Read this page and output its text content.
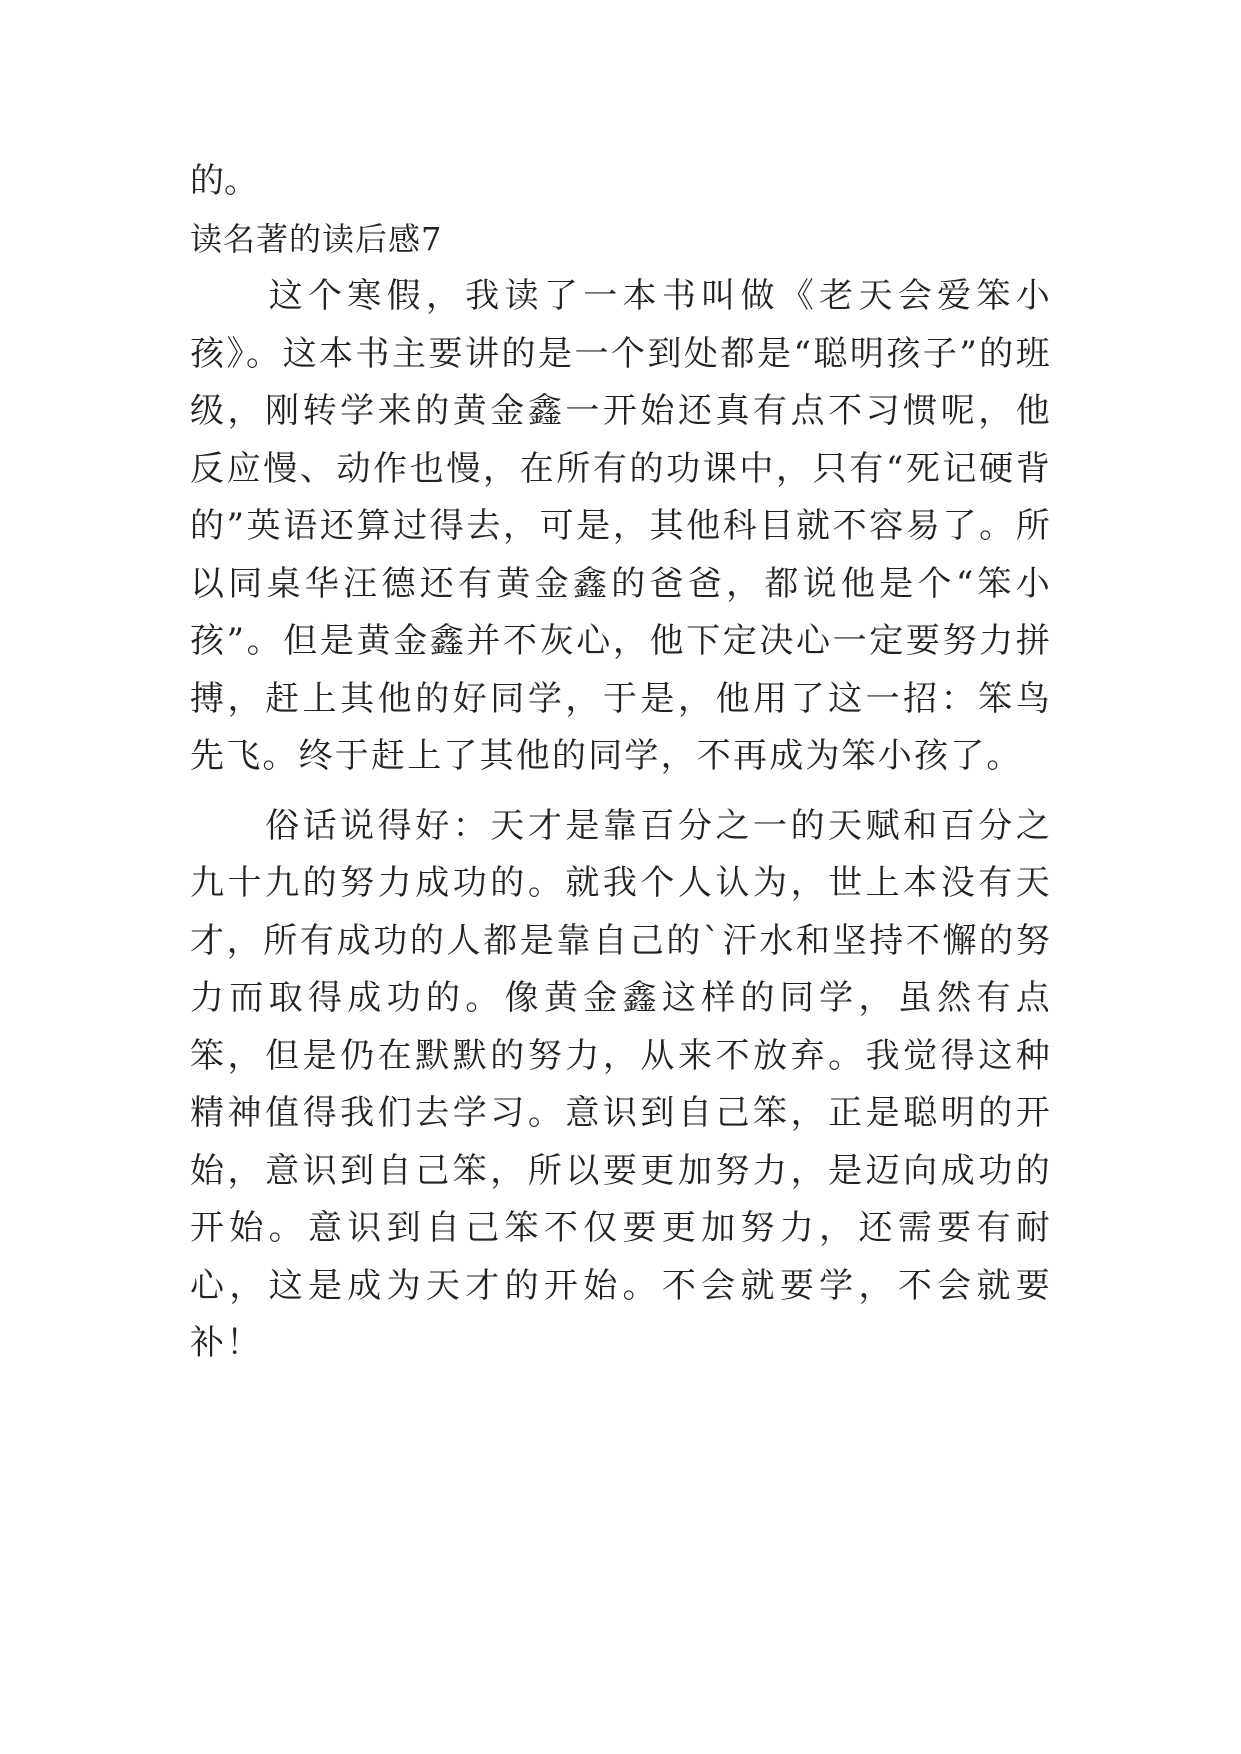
的。
读名著的读后感7

　　这个寒假，我读了一本书叫做《老天会爱笨小孩》。这本书主要讲的是一个到处都是“聪明孩子”的班级，刚转学来的黄金鑫一开始还真有点不习惯呢，他反应慢、动作也慢，在所有的功课中，只有“死记硬背的”英语还算过得去，可是，其他科目就不容易了。所以同桌华汪德还有黄金鑫的爸爸，都说他是个“笨小孩”。但是黄金鑫并不灰心，他下定决心一定要努力拼搏，赶上其他的好同学，于是，他用了这一招：笨鸟先飞。终于赶上了其他的同学，不再成为笨小孩了。

　　俗话说得好：天才是靠百分之一的天赋和百分之九十九的努力成功的。就我个人认为，世上本没有天才，所有成功的人都是靠自己的`汗水和坚持不懈的努力而取得成功的。像黄金鑫这样的同学，虽然有点笨，但是仍在默默的努力，从来不放弃。我觉得这种精神值得我们去学习。意识到自己笨，正是聪明的开始，意识到自己笨，所以要更加努力，是迈向成功的开始。意识到自己笨不仅要更加努力，还需要有耐心，这是成为天才的开始。不会就要学，不会就要补！
